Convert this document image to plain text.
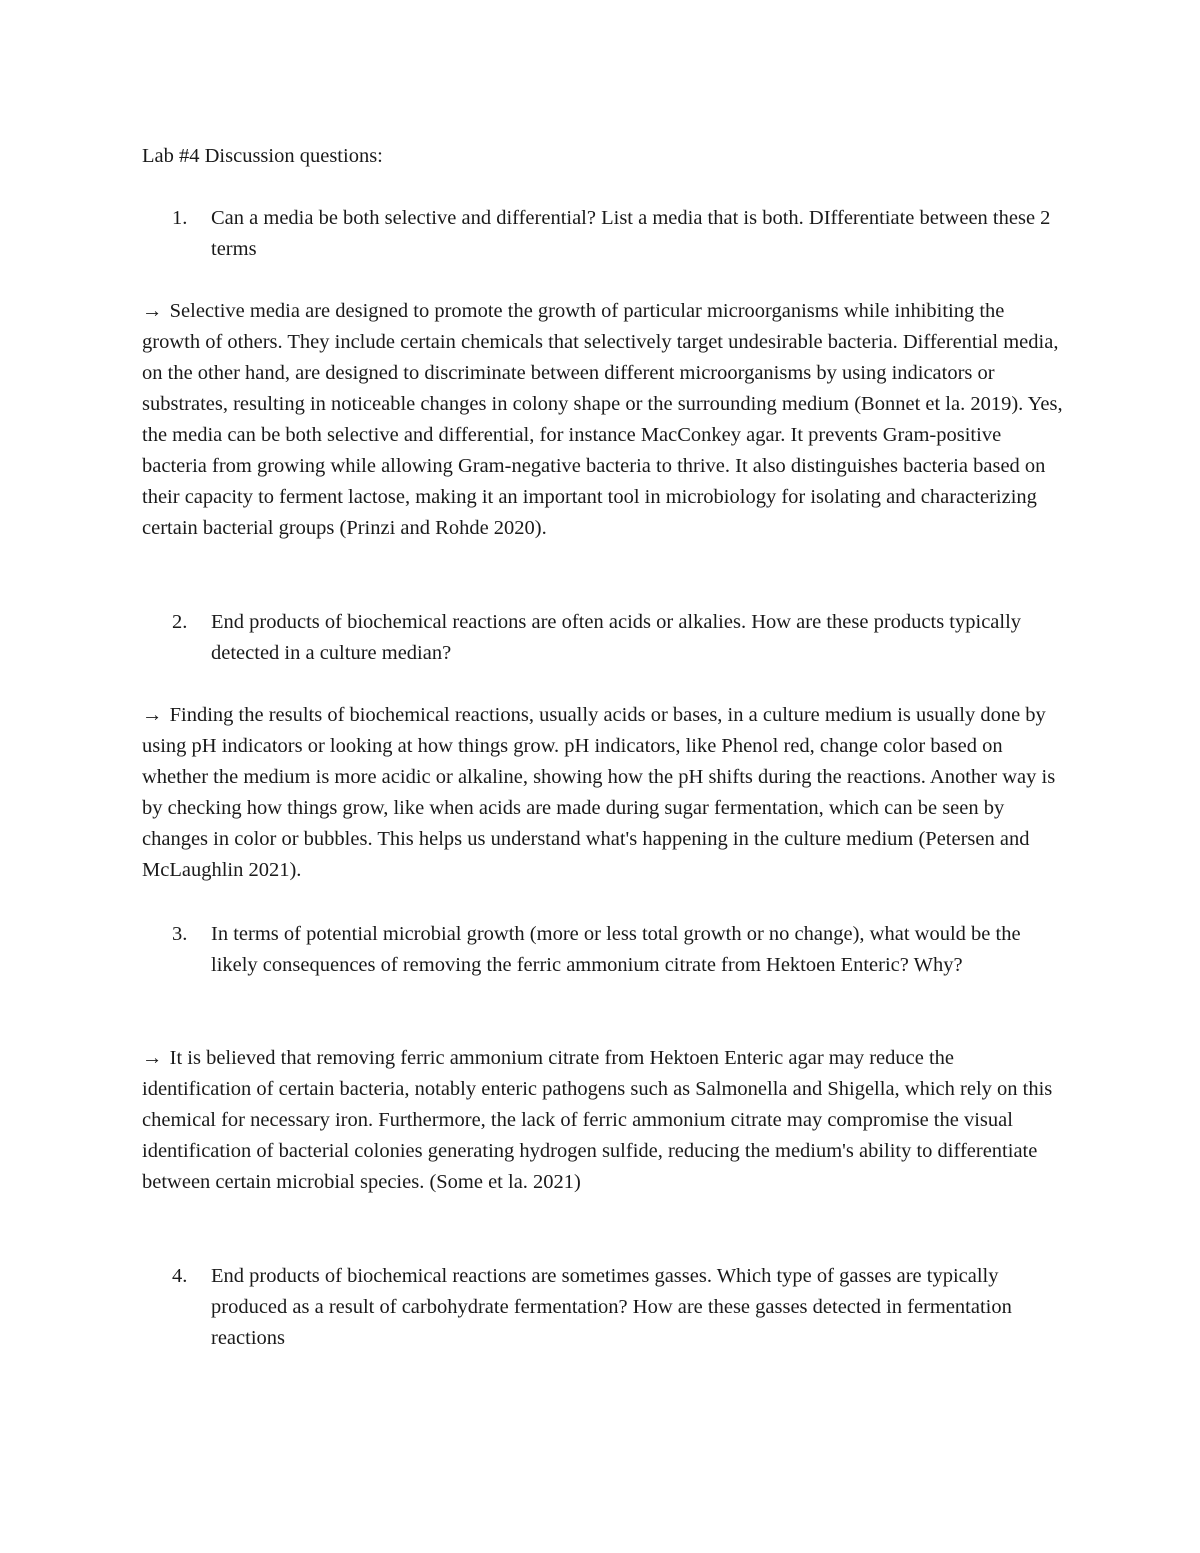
Lab #4 Discussion questions:

1.	Can a media be both selective and differential? List a media that is both. DIfferentiate between these 2 terms

→ Selective media are designed to promote the growth of particular microorganisms while inhibiting the growth of others. They include certain chemicals that selectively target undesirable bacteria. Differential media, on the other hand, are designed to discriminate between different microorganisms by using indicators or substrates, resulting in noticeable changes in colony shape or the surrounding medium (Bonnet et la. 2019). Yes, the media can be both selective and differential, for instance MacConkey agar. It prevents Gram-positive bacteria from growing while allowing Gram-negative bacteria to thrive. It also distinguishes bacteria based on their capacity to ferment lactose, making it an important tool in microbiology for isolating and characterizing certain bacterial groups (Prinzi and Rohde 2020).

2.	End products of biochemical reactions are often acids or alkalies. How are these products typically detected in a culture median?

→ Finding the results of biochemical reactions, usually acids or bases, in a culture medium is usually done by using pH indicators or looking at how things grow. pH indicators, like Phenol red, change color based on whether the medium is more acidic or alkaline, showing how the pH shifts during the reactions. Another way is by checking how things grow, like when acids are made during sugar fermentation, which can be seen by changes in color or bubbles. This helps us understand what's happening in the culture medium (Petersen and McLaughlin 2021).

3.	In terms of potential microbial growth (more or less total growth or no change), what would be the likely consequences of removing the ferric ammonium citrate from Hektoen Enteric? Why?

→ It is believed that removing ferric ammonium citrate from Hektoen Enteric agar may reduce the identification of certain bacteria, notably enteric pathogens such as Salmonella and Shigella, which rely on this chemical for necessary iron. Furthermore, the lack of ferric ammonium citrate may compromise the visual identification of bacterial colonies generating hydrogen sulfide, reducing the medium's ability to differentiate between certain microbial species. (Some et la. 2021)

4.	End products of biochemical reactions are sometimes gasses. Which type of gasses are typically produced as a result of carbohydrate fermentation? How are these gasses detected in fermentation reactions
